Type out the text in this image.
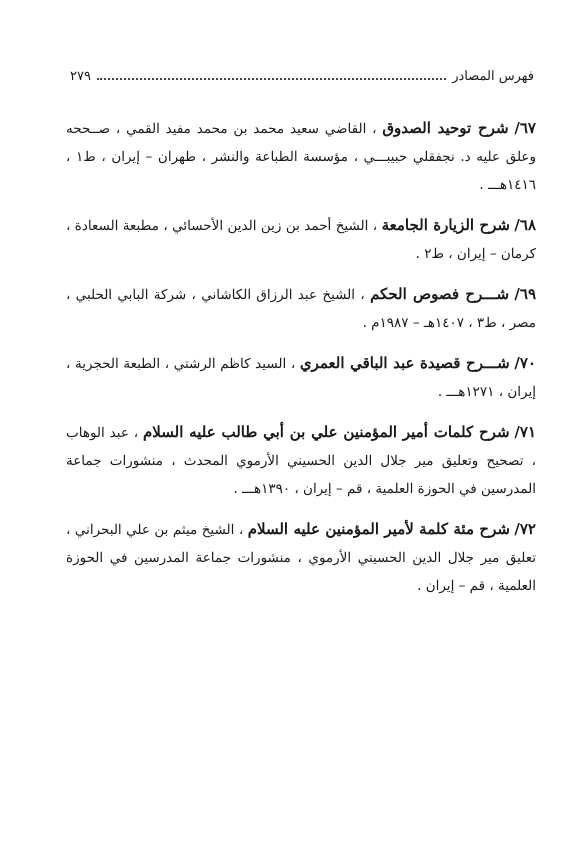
فهرس المصادر
٢٧٩

٦٧/ شرح توحيد الصدوق ، القاضي سعيد محمد بن محمد مفيد القمي ، صــححه وعلق عليه د. نجفقلي حبيبـــي ، مؤسسة الطباعة والنشر ، طهران – إيران ، ط١ ، ١٤١٦هـــ .

٦٨/ شرح الزيارة الجامعة ، الشيخ أحمد بن زين الدين الأحسائي ، مطبعة السعادة ، كرمان – إيران ، ط٢ .

٦٩/ شـــرح فصوص الحكم ، الشيخ عبد الرزاق الكاشاني ، شركة البابي الحلبي ، مصر ، ط٣ ، ١٤٠٧هـ – ١٩٨٧م .

٧٠/ شـــرح قصيدة عبد الباقي العمري ، السيد كاظم الرشتي ، الطبعة الحجرية ، إيران ، ١٢٧١هـــ .

٧١/ شرح كلمات أمير المؤمنين علي بن أبي طالب عليه السلام ، عبد الوهاب ، تصحيح وتعليق مير جلال الدين الحسيني الأرموي المحدث ، منشورات جماعة المدرسين في الحوزة العلمية ، قم – إيران ، ١٣٩٠هـــ .

٧٢/ شرح مئة كلمة لأمير المؤمنين عليه السلام ، الشيخ ميثم بن علي البحراني ، تعليق مير جلال الدين الحسيني الأرموي ، منشورات جماعة المدرسين في الحوزة العلمية ، قم – إيران .
